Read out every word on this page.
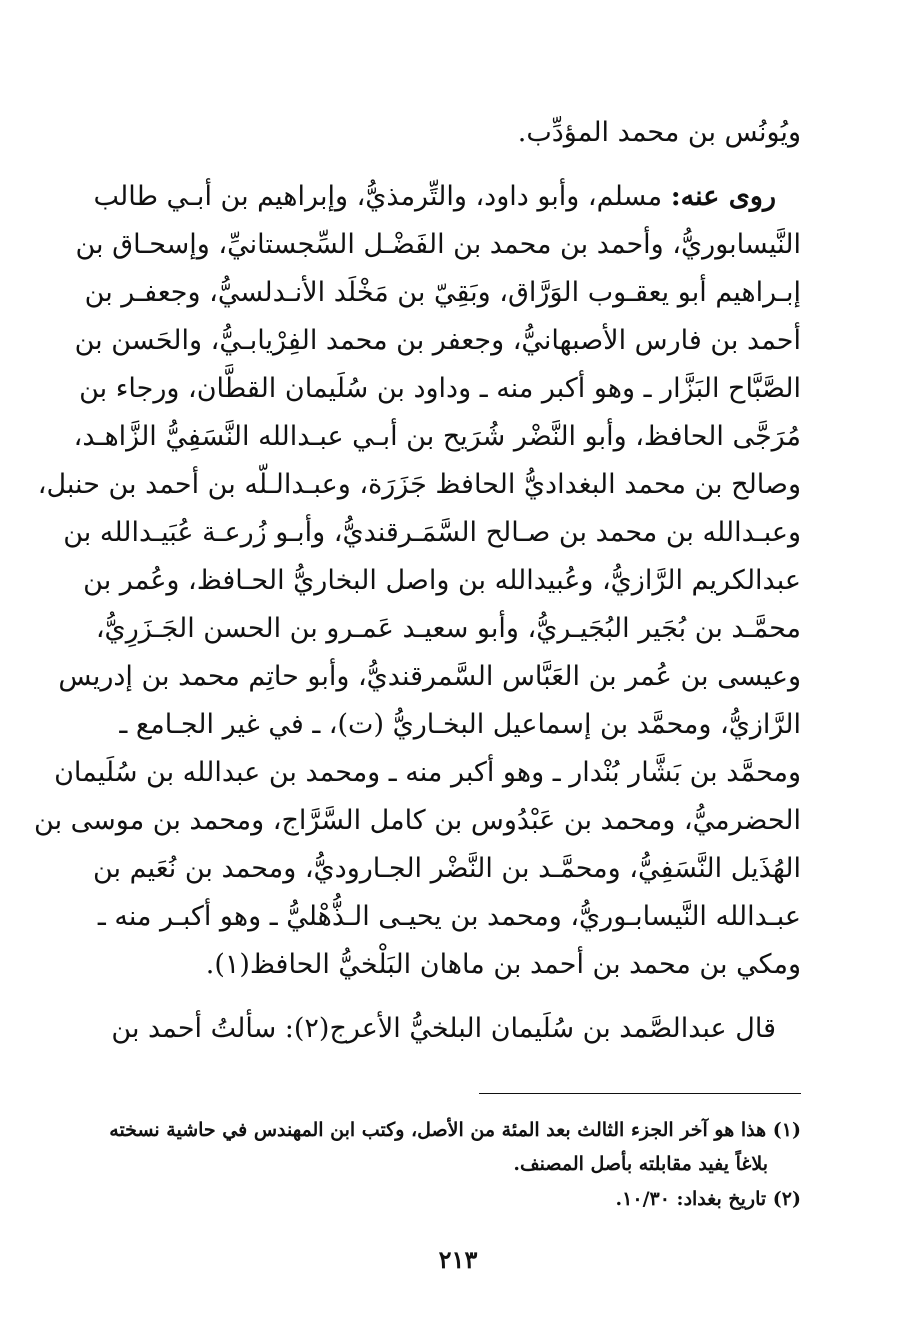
ويُونُس بن محمد المؤدِّب.
روى عنه: مسلم، وأبو داود، والتِّرمذيُّ، وإبراهيم بن أبـي طالب
النَّيسابوريُّ، وأحمد بن محمد بن الفَضْـل السِّجستانيِّ، وإسحـاق بن
إبـراهيم أبو يعقـوب الوَرَّاق، وبَقِيّ بن مَخْلَد الأنـدلسيُّ، وجعفـر بن
أحمد بن فارس الأصبهانيُّ، وجعفر بن محمد الفِرْيابـيُّ، والحَسن بن
الصَّبَّاح البَزَّار ـ وهو أكبر منه ـ وداود بن سُلَيمان القطَّان، ورجاء بن
مُرَجَّى الحافظ، وأبو النَّضْر شُرَيح بن أبـي عبـدالله النَّسَفِيُّ الزَّاهـد،
وصالح بن محمد البغداديُّ الحافظ جَزَرَة، وعبـدالـلّه بن أحمد بن حنبل،
وعبـدالله بن محمد بن صـالح السَّمَـرقنديُّ، وأبـو زُرعـة عُبَيـدالله بن
عبدالكريم الرَّازيُّ، وعُبيدالله بن واصل البخاريُّ الحـافظ، وعُمر بن
محمَّـد بن بُجَير البُجَيـريُّ، وأبو سعيـد عَمـرو بن الحسن الجَـزَرِيُّ،
وعيسى بن عُمر بن العَبَّاس السَّمرقنديُّ، وأبو حاتِم محمد بن إدريس
الرَّازيُّ، ومحمَّد بن إسماعيل البخـاريُّ (ت)، ـ في غير الجـامع ـ
ومحمَّد بن بَشَّار بُنْدار ـ وهو أكبر منه ـ ومحمد بن عبدالله بن سُلَيمان
الحضرميُّ، ومحمد بن عَبْدُوس بن كامل السَّرَّاج، ومحمد بن موسى بن
الهُذَيل النَّسَفِيُّ، ومحمَّـد بن النَّضْر الجـاروديُّ، ومحمد بن نُعَيم بن
عبـدالله النَّيسابـوريُّ، ومحمد بن يحيـى الـذُّهْليُّ ـ وهو أكبـر منه ـ
ومكي بن محمد بن أحمد بن ماهان البَلْخيُّ الحافظ(١).
قال عبدالصَّمد بن سُلَيمان البلخيُّ الأعرج(٢): سألتُ أحمد بن
(١) هذا هو آخر الجزء الثالث بعد المئة من الأصل، وكتب ابن المهندس في حاشية نسخته
بلاغاً يفيد مقابلته بأصل المصنف.
(٢) تاريخ بغداد: ١٠/٣٠.
٢١٣
